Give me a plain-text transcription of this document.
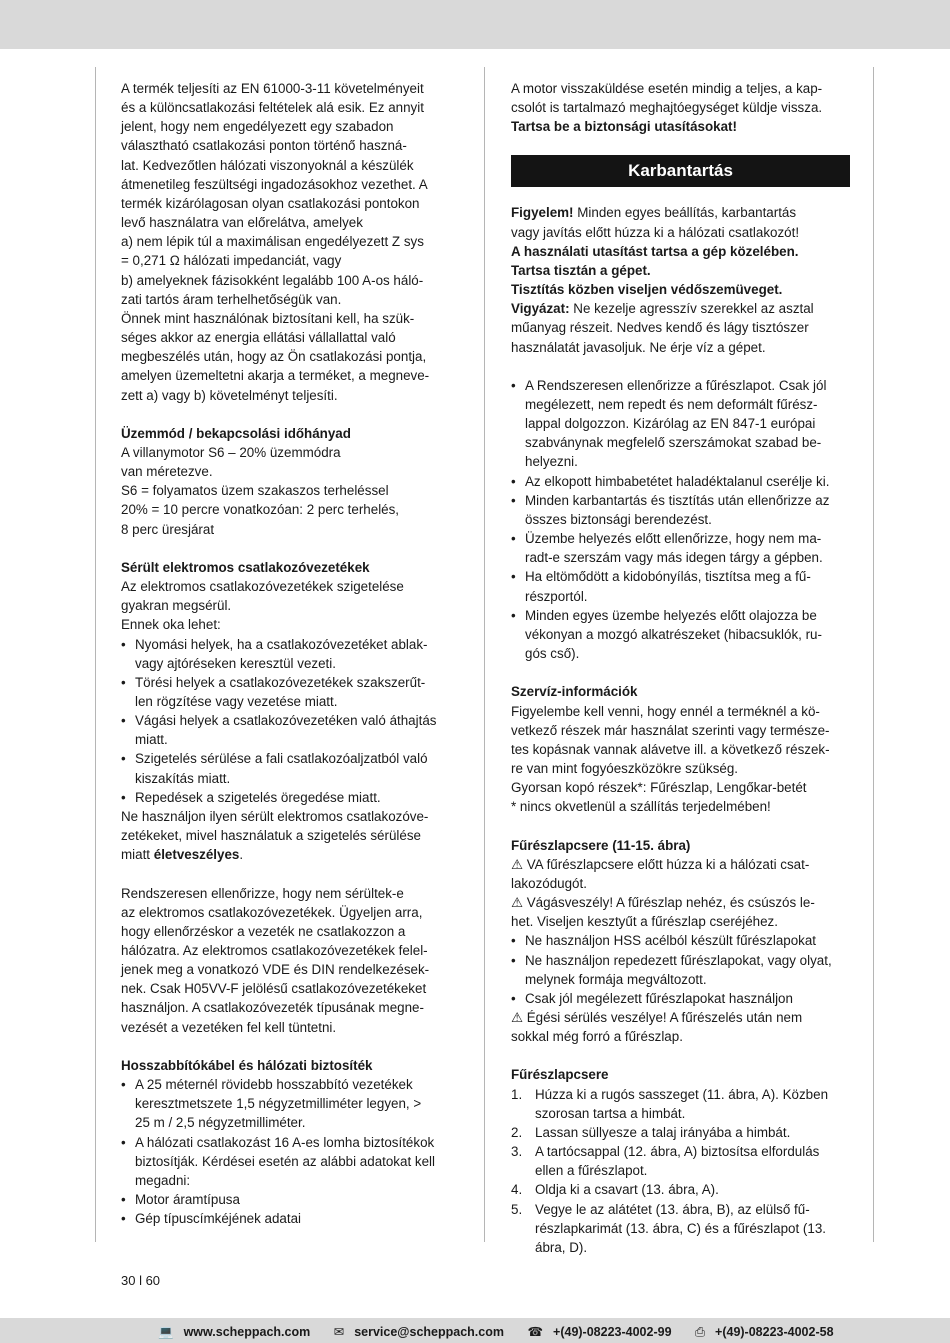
A termék teljesíti az EN 61000-3-11 követelményeit

és a különcsatlakozási feltételek alá esik. Ez annyit

jelent, hogy nem engedélyezett egy szabadon

választható csatlakozási ponton történő haszná-

lat. Kedvezőtlen hálózati viszonyoknál a készülék

átmenetileg feszültségi ingadozásokhoz vezethet. A

termék kizárólagosan olyan csatlakozási pontokon

levő használatra van előrelátva, amelyek

a) nem lépik túl a maximálisan engedélyezett Z sys

= 0,271 Ω hálózati impedanciát, vagy

b) amelyeknek fázisokként legalább 100 A-os háló-

zati tartós áram terhelhetőségük van.

Önnek mint használónak biztosítani kell, ha szük-

séges akkor az energia ellátási vállallattal való

megbeszélés után, hogy az Ön csatlakozási pontja,

amelyen üzemeltetni akarja a terméket, a megneve-

zett a) vagy b) követelményt teljesíti.

Üzemmód / bekapcsolási időhányad

A villanymotor S6 – 20% üzemmódra

van méretezve.

S6 = folyamatos üzem szakaszos terheléssel

20% = 10 percre vonatkozóan: 2 perc terhelés,

8 perc üresjárat

Sérült elektromos csatlakozóvezetékek

Az elektromos csatlakozóvezetékek szigetelése

gyakran megsérül.

Ennek oka lehet:

• Nyomási helyek, ha a csatlakozóvezetéket ablak-

vagy ajtóréseken keresztül vezeti.

• Törési helyek a csatlakozóvezetékek szakszerűt-

len rögzítése vagy vezetése miatt.

• Vágási helyek a csatlakozóvezetéken való áthajtás

miatt.

• Szigetelés sérülése a fali csatlakozóaljzatból való

kiszakítás miatt.

• Repedések a szigetelés öregedése miatt.

Ne használjon ilyen sérült elektromos csatlakozóve-

zetékeket, mivel használatuk a szigetelés sérülése

miatt életveszélyes.

Rendszeresen ellenőrizze, hogy nem sérültek-e

az elektromos csatlakozóvezetékek. Ügyeljen arra,

hogy ellenőrzéskor a vezeték ne csatlakozzon a

hálózatra. Az elektromos csatlakozóvezetékek felel-

jenek meg a vonatkozó VDE és DIN rendelkezések-

nek. Csak H05VV-F jelölésű csatlakozóvezetékeket

használjon. A csatlakozóvezeték típusának megne-

vezését a vezetéken fel kell tüntetni.

Hosszabbítókábel és hálózati biztosíték

• A 25 méternél rövidebb hosszabbító vezetékek

keresztmetszete 1,5 négyzetmilliméter legyen, >

25 m / 2,5 négyzetmilliméter.

• A hálózati csatlakozást 16 A-es lomha biztosítékok

biztosítják. Kérdései esetén az alábbi adatokat kell

megadni:

• Motor áramtípusa

• Gép típuscímkéjének adatai

A motor visszaküldése esetén mindig a teljes, a kap-

csolót is tartalmazó meghajtóegységet küldje vissza.

Tartsa be a biztonsági utasításokat!

Karbantartás

Figyelem! Minden egyes beállítás, karbantartás

vagy javítás előtt húzza ki a hálózati csatlakozót!

A használati utasítást tartsa a gép közelében.

Tartsa tisztán a gépet.

Tisztítás közben viseljen védőszemüveget.

Vigyázat: Ne kezelje agresszív szerekkel az asztal

műanyag részeit. Nedves kendő és lágy tisztószer

használatát javasoljuk. Ne érje víz a gépet.

• A Rendszeresen ellenőrizze a fűrészlapot. Csak jól

megélezett, nem repedt és nem deformált fűrész-

lappal dolgozzon. Kizárólag az EN 847-1 európai

szabványnak megfelelő szerszámokat szabad be-

helyezni.

• Az elkopott himbabetétet haladéktalanul cserélje ki.

• Minden karbantartás és tisztítás után ellenőrizze az

összes biztonsági berendezést.

• Üzembe helyezés előtt ellenőrizze, hogy nem ma-

radt-e szerszám vagy más idegen tárgy a gépben.

• Ha eltömődött a kidobónyílás, tisztítsa meg a fű-

részportól.

• Minden egyes üzembe helyezés előtt olajozza be

vékonyan a mozgó alkatrészeket (hibacsuklók, ru-

gós cső).

Szervíz-információk

Figyelembe kell venni, hogy ennél a terméknél a kö-

vetkező részek már használat szerinti vagy természe-

tes kopásnak vannak alávetve ill. a következő részek-

re van mint fogyóeszközökre szükség.

Gyorsan kopó részek*: Fűrészlap, Lengőkar-betét

* nincs okvetlenül a szállítás terjedelmében!

Fűrészlapcsere (11-15. ábra)

⚠ VA fűrészlapcsere előtt húzza ki a hálózati csat-

lakozódugót.

⚠ Vágásveszély! A fűrészlap nehéz, és csúszós le-

het. Viseljen kesztyűt a fűrészlap cseréjéhez.

• Ne használjon HSS acélból készült fűrészlapokat

• Ne használjon repedezett fűrészlapokat, vagy olyat,

melynek formája megváltozott.

• Csak jól megélezett fűrészlapokat használjon

⚠ Égési sérülés veszélye! A fűrészelés után nem

sokkal még forró a fűrészlap.

Fűrészlapcsere

1. Húzza ki a rugós sasszeget (11. ábra, A). Közben

szorosan tartsa a himbát.

2. Lassan süllyesze a talaj irányába a himbát.

3. A tartócsappal (12. ábra, A) biztosítsa elfordulás

ellen a fűrészlapot.

4. Oldja ki a csavart (13. ábra, A).

5. Vegye le az alátétet (13. ábra, B), az elülső fű-

részlapkarimát (13. ábra, C) és a fűrészlapot (13.

ábra, D).

30 l 60
💻 www.scheppach.com ✉ service@scheppach.com ☎ +(49)-08223-4002-99 ⎙ +(49)-08223-4002-58
